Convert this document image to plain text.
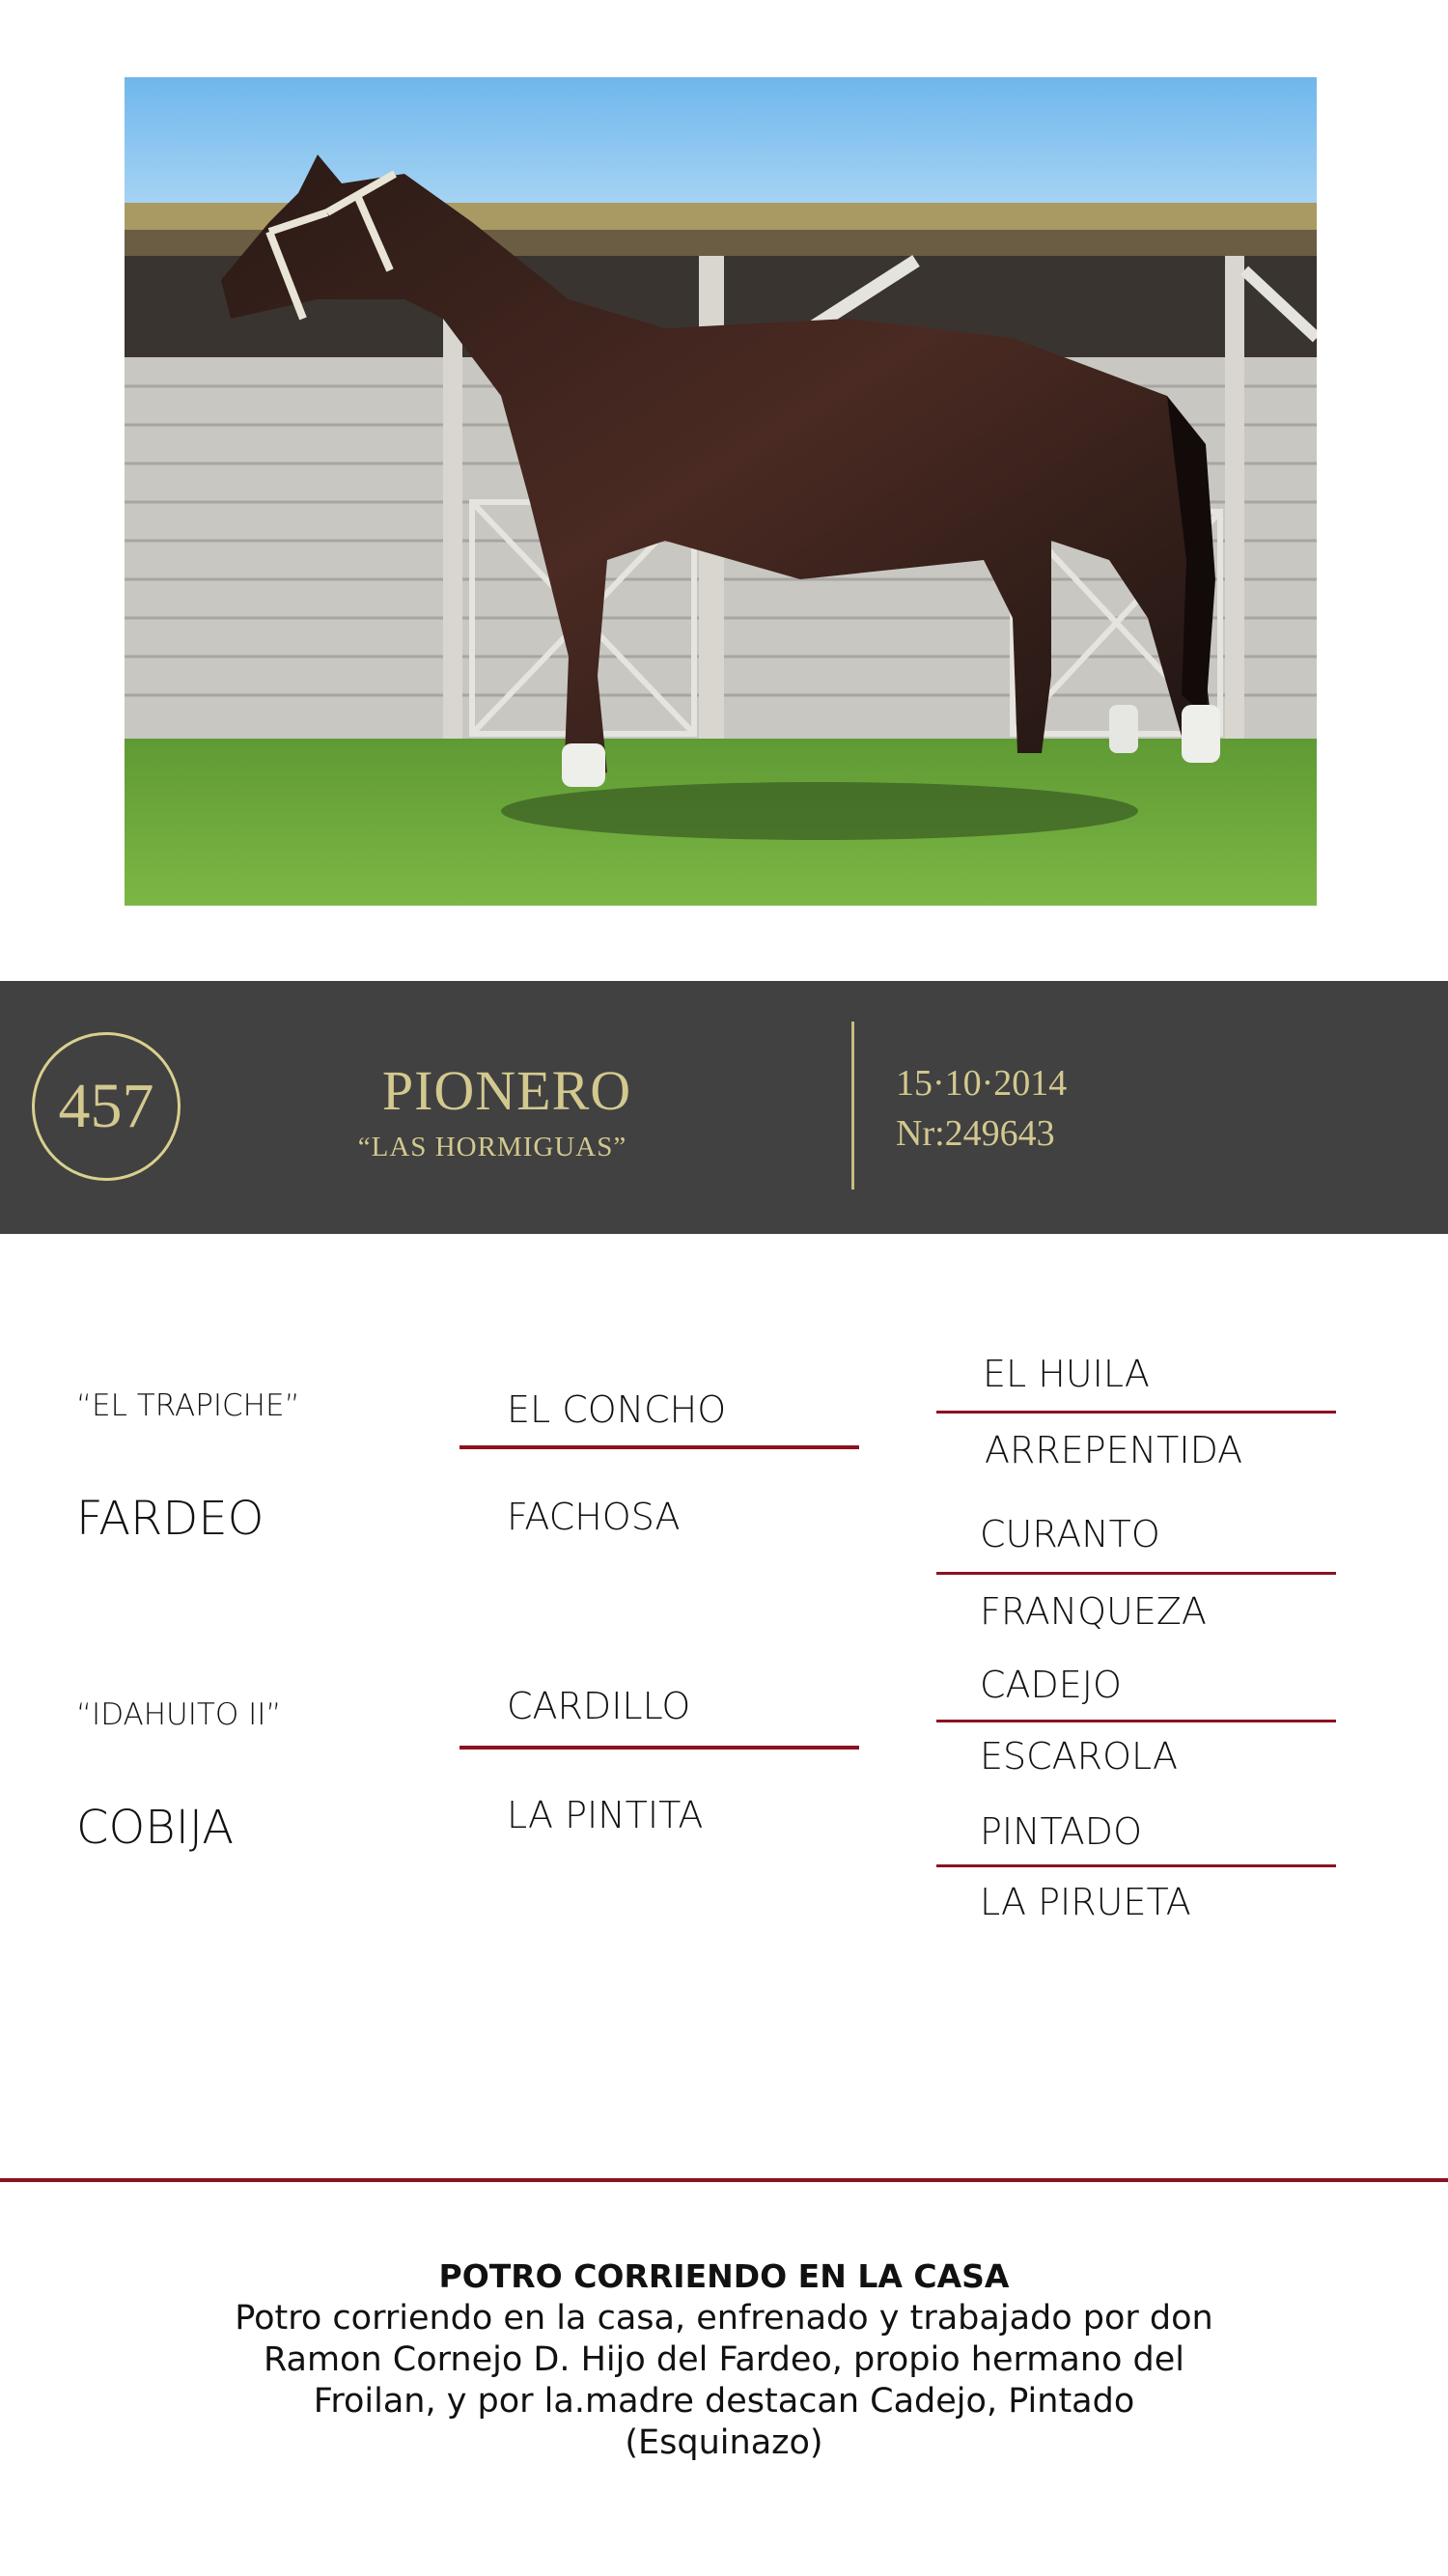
457	PIONERO
“LAS HORMIGUAS”
15·10·2014
Nr:249643
“EL TRAPICHE”
FARDEO
“IDAHUITO II”
COBIJA
EL CONCHO
FACHOSA
CARDILLO
LA PINTITA
EL HUILA
ARREPENTIDA
CURANTO
FRANQUEZA
CADEJO
ESCAROLA
PINTADO
LA PIRUETA
POTRO CORRIENDO EN LA CASA
Potro corriendo en la casa, enfrenado y trabajado por don Ramon Cornejo D. Hijo del Fardeo, propio hermano del Froilan, y por la.madre destacan Cadejo, Pintado (Esquinazo)
